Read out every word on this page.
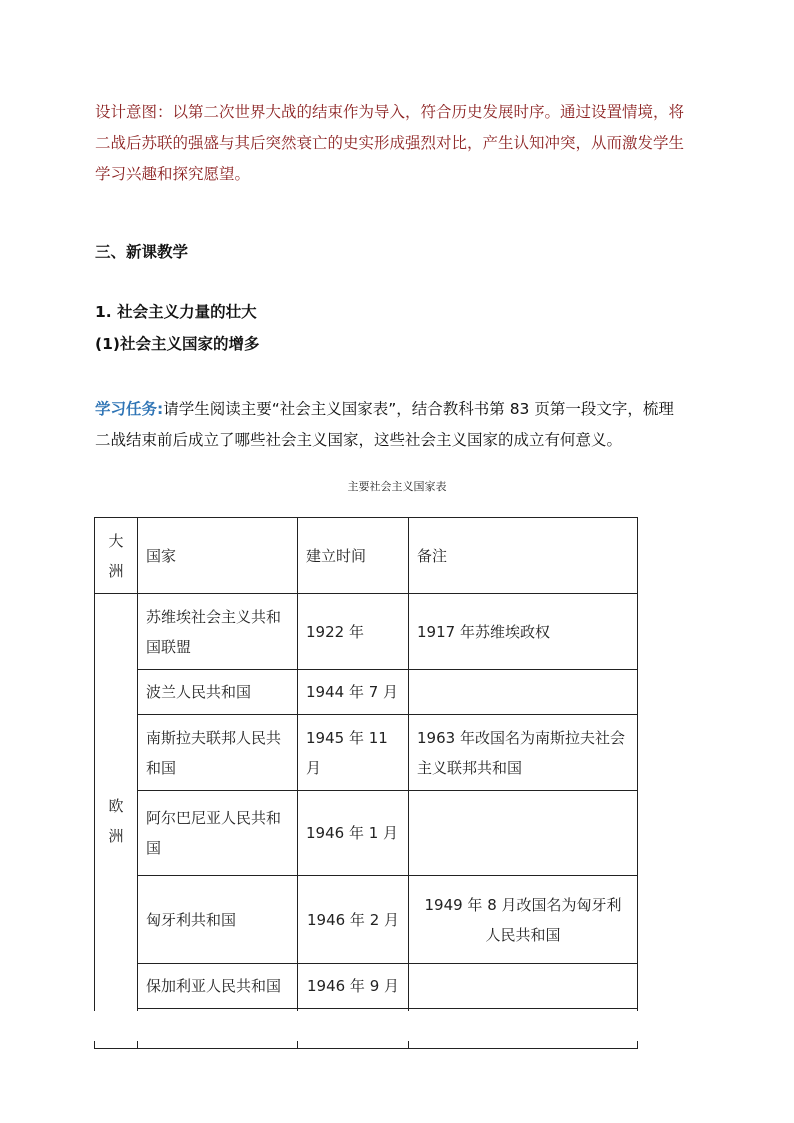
设计意图：以第二次世界大战的结束作为导入，符合历史发展时序。通过设置情境，将

二战后苏联的强盛与其后突然衰亡的史实形成强烈对比，产生认知冲突，从而激发学生

学习兴趣和探究愿望。

三、新课教学
1. 社会主义力量的壮大
(1)社会主义国家的增多

学习任务:请学生阅读主要“社会主义国家表”，结合教科书第 83 页第一段文字，梳理

二战结束前后成立了哪些社会主义国家，这些社会主义国家的成立有何意义。

主要社会主义国家表
大洲	国家	建立时间	备注
欧洲	苏维埃社会主义共和国联盟	1922 年	1917 年苏维埃政权
	波兰人民共和国	1944 年 7 月	
	南斯拉夫联邦人民共和国	1945 年 11 月	1963 年改国名为南斯拉夫社会主义联邦共和国
	阿尔巴尼亚人民共和国	1946 年 1 月	
	匈牙利共和国	1946 年 2 月	1949 年 8 月改国名为匈牙利人民共和国
	保加利亚人民共和国	1946 年 9 月	
